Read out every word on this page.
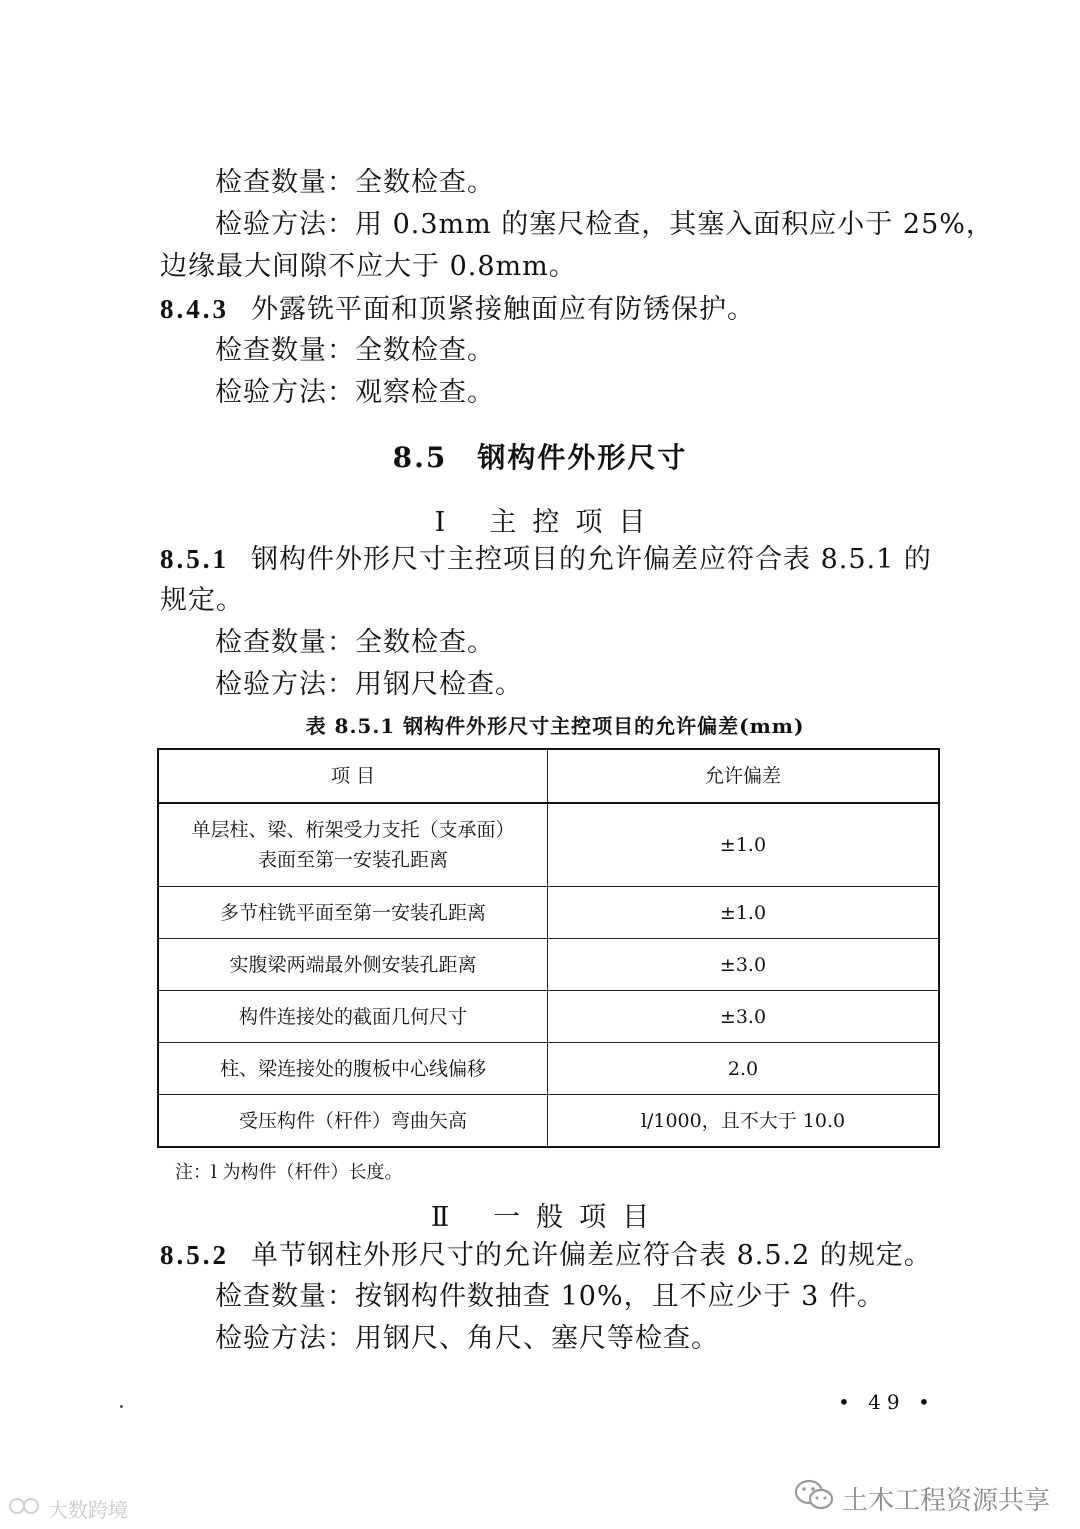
检查数量：全数检查。
检验方法：用 0.3mm 的塞尺检查，其塞入面积应小于 25%，
边缘最大间隙不应大于 0.8mm。
8.4.3 外露铣平面和顶紧接触面应有防锈保护。
检查数量：全数检查。
检验方法：观察检查。
8.5 钢构件外形尺寸
Ⅰ 主控项目
8.5.1 钢构件外形尺寸主控项目的允许偏差应符合表 8.5.1 的
规定。
检查数量：全数检查。
检验方法：用钢尺检查。
表 8.5.1 钢构件外形尺寸主控项目的允许偏差(mm)
项 目	允许偏差

单层柱、梁、桁架受力支托（支承面）
表面至第一安装孔距离	±1.0
多节柱铣平面至第一安装孔距离	±1.0
实腹梁两端最外侧安装孔距离	±3.0
构件连接处的截面几何尺寸	±3.0
柱、梁连接处的腹板中心线偏移	2.0
受压构件（杆件）弯曲矢高	l/1000，且不大于 10.0
注：l 为构件（杆件）长度。
Ⅱ 一般项目
8.5.2 单节钢柱外形尺寸的允许偏差应符合表 8.5.2 的规定。
检查数量：按钢构件数抽查 10%，且不应少于 3 件。
检验方法：用钢尺、角尺、塞尺等检查。
• 49 •
大数跨境	土木工程资源共享
